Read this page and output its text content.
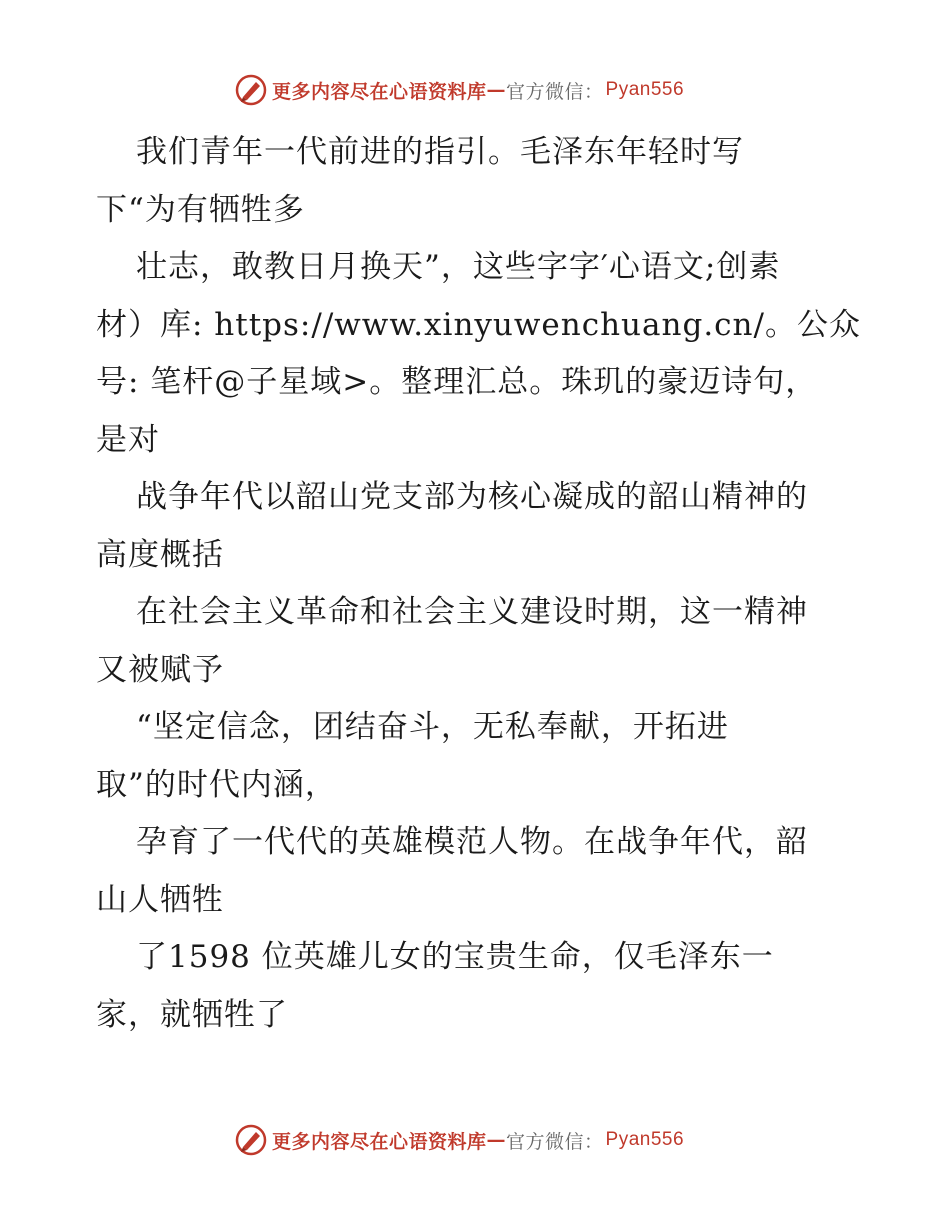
更多内容尽在心语资料库 — 官方微信： Pyan556
我们青年一代前进的指引。毛泽东年轻时写
下“为有牺牲多
壮志，敢教日月换天”，这些字字′心语文;创素
材）库: https://www.xinyuwenchuang.cn/。公众
号: 笔杆@子星域>。整理汇总。珠玑的豪迈诗句，
是对
战争年代以韶山党支部为核心凝成的韶山精神的
高度概括
在社会主义革命和社会主义建设时期，这一精神
又被赋予
“坚定信念，团结奋斗，无私奉献，开拓进
取”的时代内涵，
孕育了一代代的英雄模范人物。在战争年代，韶
山人牺牲
了1598 位英雄儿女的宝贵生命，仅毛泽东一
家，就牺牲了
更多内容尽在心语资料库 — 官方微信： Pyan556
